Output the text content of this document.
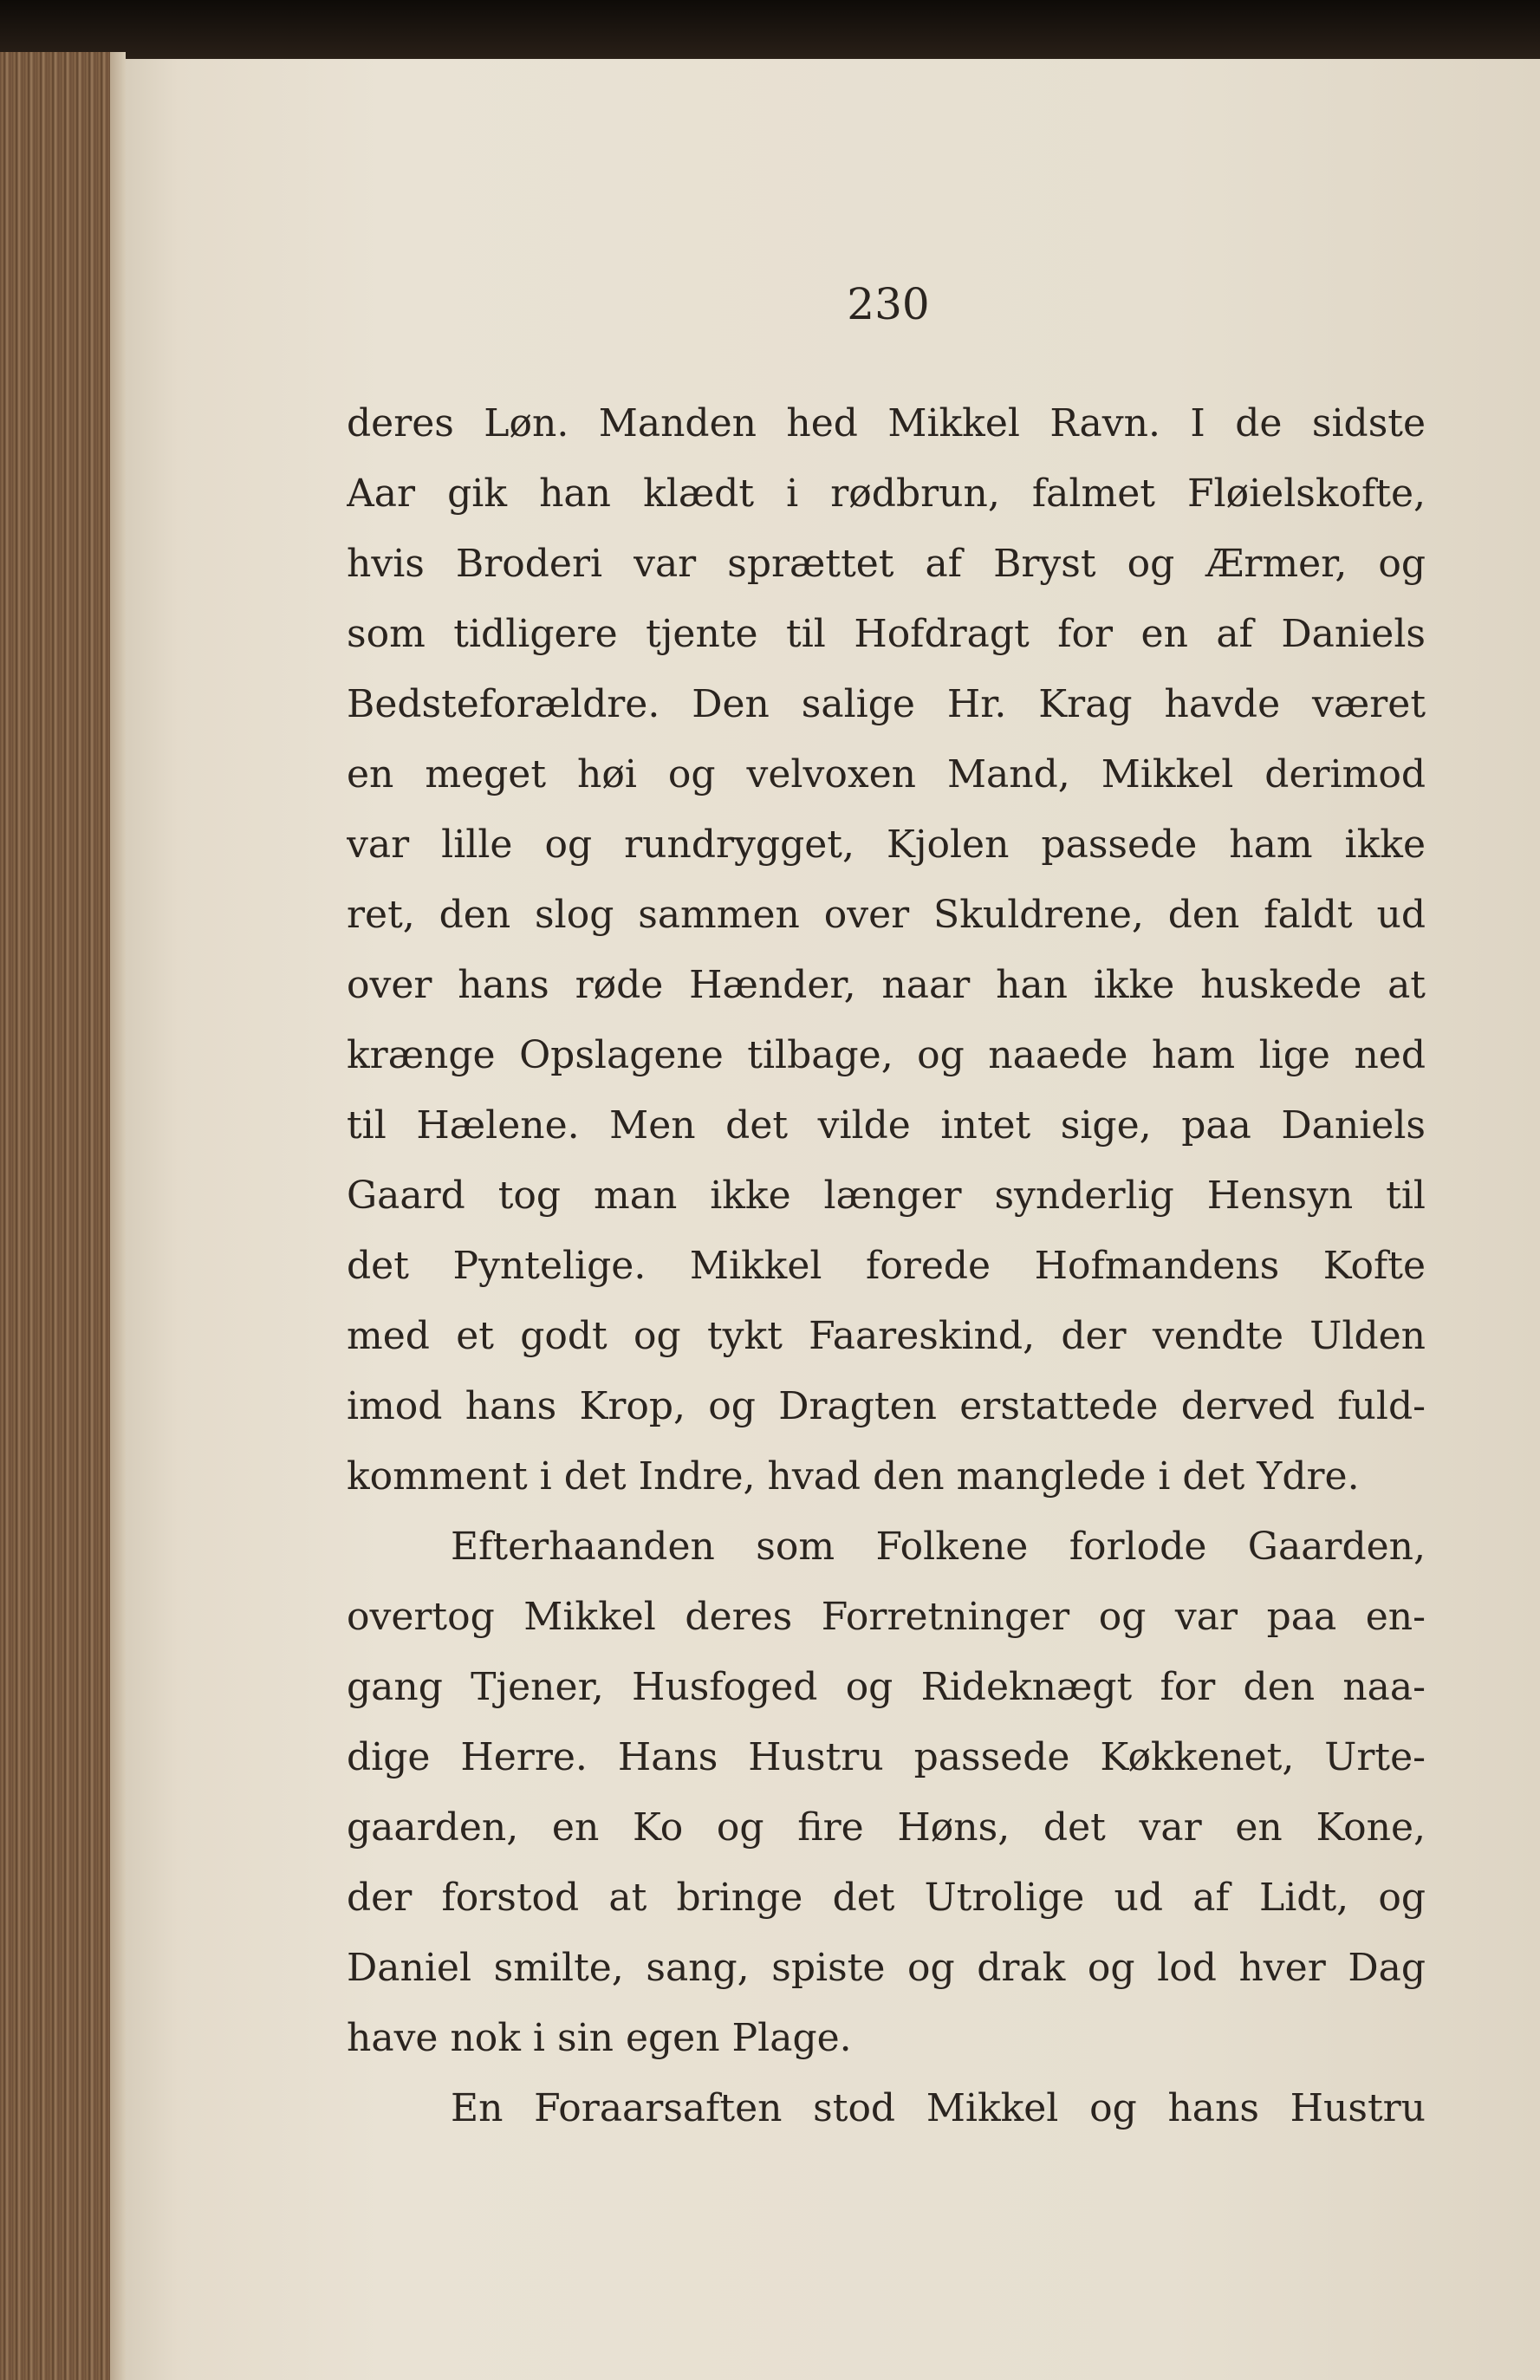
230
deres Løn. Manden hed Mikkel Ravn. I de sidste
Aar gik han klædt i rødbrun, falmet Fløielskofte,
hvis Broderi var sprættet af Bryst og Ærmer, og
som tidligere tjente til Hofdragt for en af Daniels
Bedsteforældre. Den salige Hr. Krag havde været
en meget høi og velvoxen Mand, Mikkel derimod
var lille og rundrygget, Kjolen passede ham ikke
ret, den slog sammen over Skuldrene, den faldt ud
over hans røde Hænder, naar han ikke huskede at
krænge Opslagene tilbage, og naaede ham lige ned
til Hælene. Men det vilde intet sige, paa Daniels
Gaard tog man ikke længer synderlig Hensyn til
det Pyntelige. Mikkel forede Hofmandens Kofte
med et godt og tykt Faareskind, der vendte Ulden
imod hans Krop, og Dragten erstattede derved fuld-
komment i det Indre, hvad den manglede i det Ydre.
Efterhaanden som Folkene forlode Gaarden,
overtog Mikkel deres Forretninger og var paa en-
gang Tjener, Husfoged og Rideknægt for den naa-
dige Herre. Hans Hustru passede Køkkenet, Urte-
gaarden, en Ko og fire Høns, det var en Kone,
der forstod at bringe det Utrolige ud af Lidt, og
Daniel smilte, sang, spiste og drak og lod hver Dag
have nok i sin egen Plage.
En Foraarsaften stod Mikkel og hans Hustru
